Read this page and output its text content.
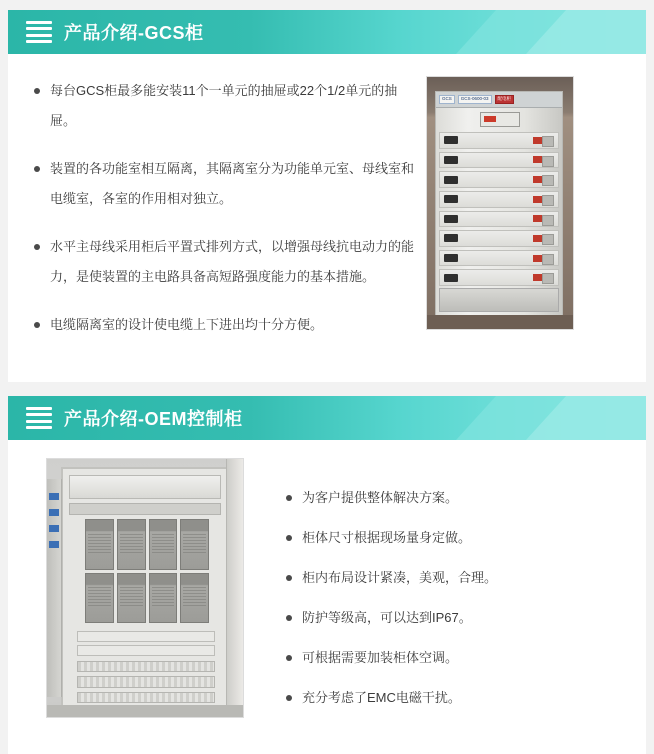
产品介绍-GCS柜
每台GCS柜最多能安装11个一单元的抽屉或22个1/2单元的抽屉。
装置的各功能室相互隔离，其隔离室分为功能单元室、母线室和电缆室，各室的作用相对独立。
水平主母线采用柜后平置式排列方式，以增强母线抗电动力的能力，是使装置的主电路具备高短路强度能力的基本措施。
电缆隔离室的设计使电缆上下进出均十分方便。
GCS	GCS-0600-03	配电柜
产品介绍-OEM控制柜
为客户提供整体解决方案。
柜体尺寸根据现场量身定做。
柜内布局设计紧凑，美观，合理。
防护等级高，可以达到IP67。
可根据需要加装柜体空调。
充分考虑了EMC电磁干扰。
